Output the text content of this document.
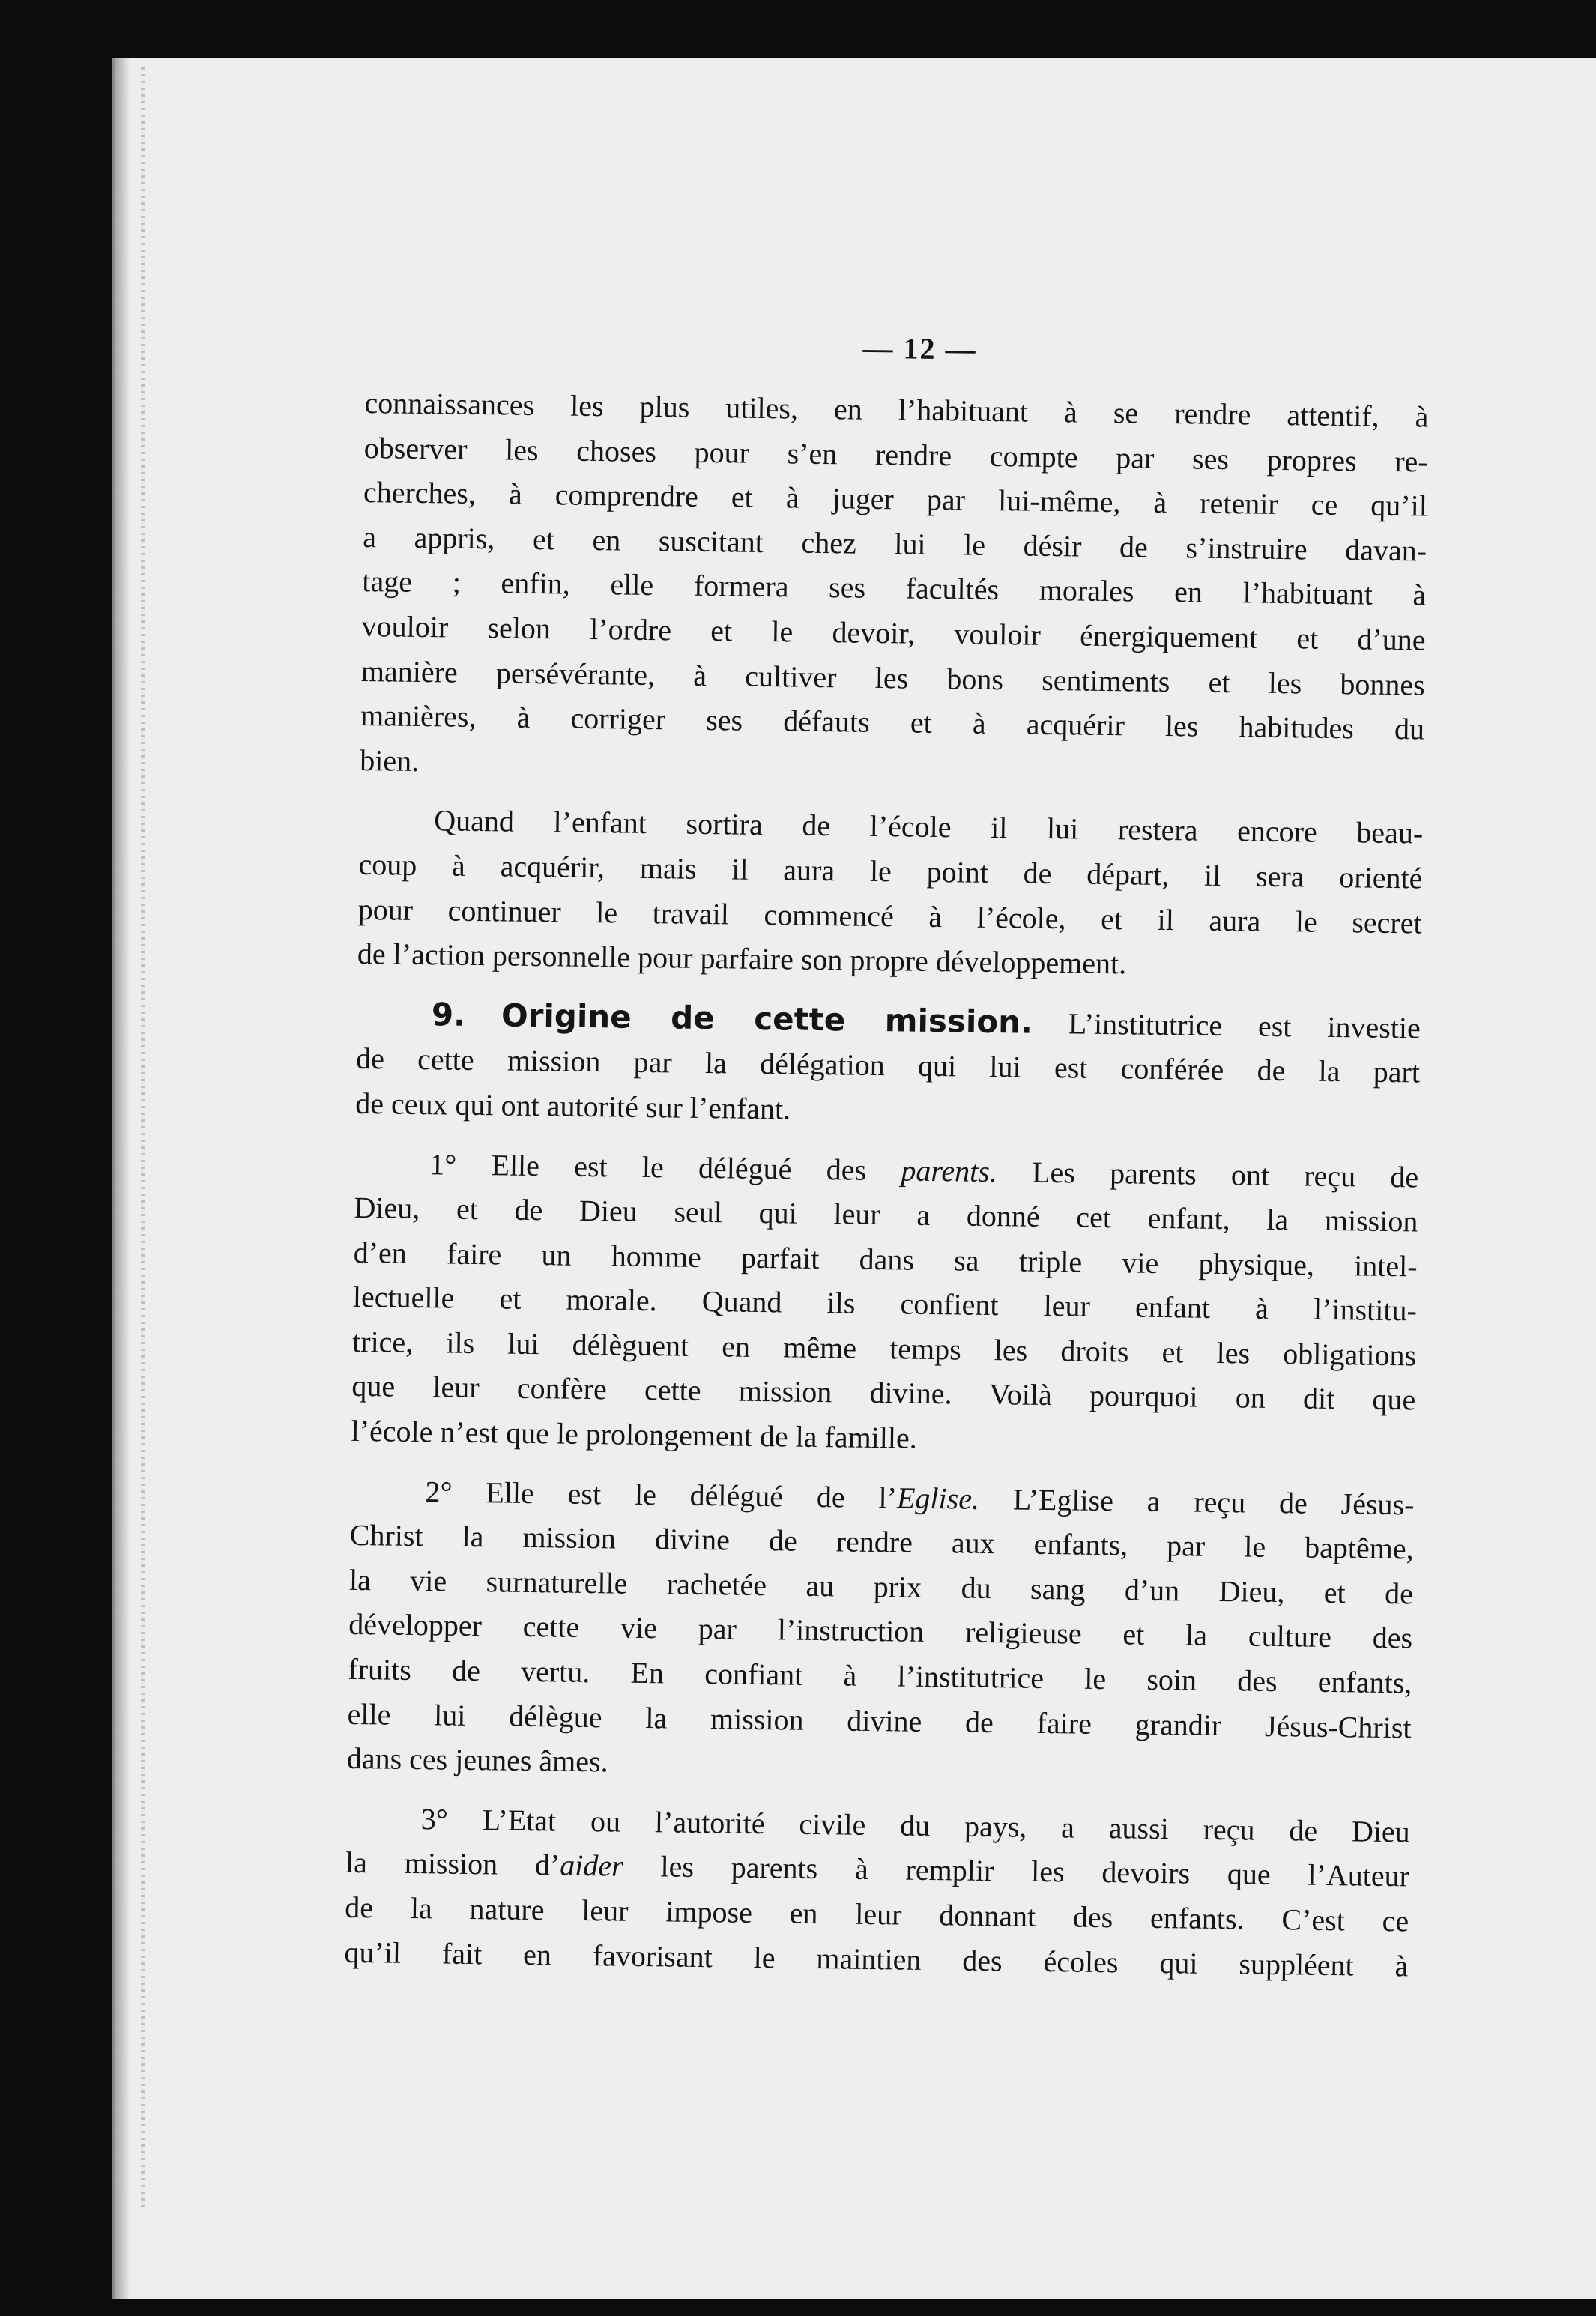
— 12 —
connaissances les plus utiles, en l’habituant à se rendre attentif, à
observer les choses pour s’en rendre compte par ses propres re-
cherches, à comprendre et à juger par lui-même, à retenir ce qu’il
a appris, et en suscitant chez lui le désir de s’instruire davan-
tage ; enfin, elle formera ses facultés morales en l’habituant à
vouloir selon l’ordre et le devoir, vouloir énergiquement et d’une
manière persévérante, à cultiver les bons sentiments et les bonnes
manières, à corriger ses défauts et à acquérir les habitudes du
bien.
Quand l’enfant sortira de l’école il lui restera encore beau-
coup à acquérir, mais il aura le point de départ, il sera orienté
pour continuer le travail commencé à l’école, et il aura le secret
de l’action personnelle pour parfaire son propre développement.
9. Origine de cette mission. L’institutrice est investie
de cette mission par la délégation qui lui est conférée de la part
de ceux qui ont autorité sur l’enfant.
1° Elle est le délégué des parents. Les parents ont reçu de
Dieu, et de Dieu seul qui leur a donné cet enfant, la mission
d’en faire un homme parfait dans sa triple vie physique, intel-
lectuelle et morale. Quand ils confient leur enfant à l’institu-
trice, ils lui délèguent en même temps les droits et les obligations
que leur confère cette mission divine. Voilà pourquoi on dit que
l’école n’est que le prolongement de la famille.
2° Elle est le délégué de l’Eglise. L’Eglise a reçu de Jésus-
Christ la mission divine de rendre aux enfants, par le baptême,
la vie surnaturelle rachetée au prix du sang d’un Dieu, et de
développer cette vie par l’instruction religieuse et la culture des
fruits de vertu. En confiant à l’institutrice le soin des enfants,
elle lui délègue la mission divine de faire grandir Jésus-Christ
dans ces jeunes âmes.
3° L’Etat ou l’autorité civile du pays, a aussi reçu de Dieu
la mission d’aider les parents à remplir les devoirs que l’Auteur
de la nature leur impose en leur donnant des enfants. C’est ce
qu’il fait en favorisant le maintien des écoles qui suppléent à
